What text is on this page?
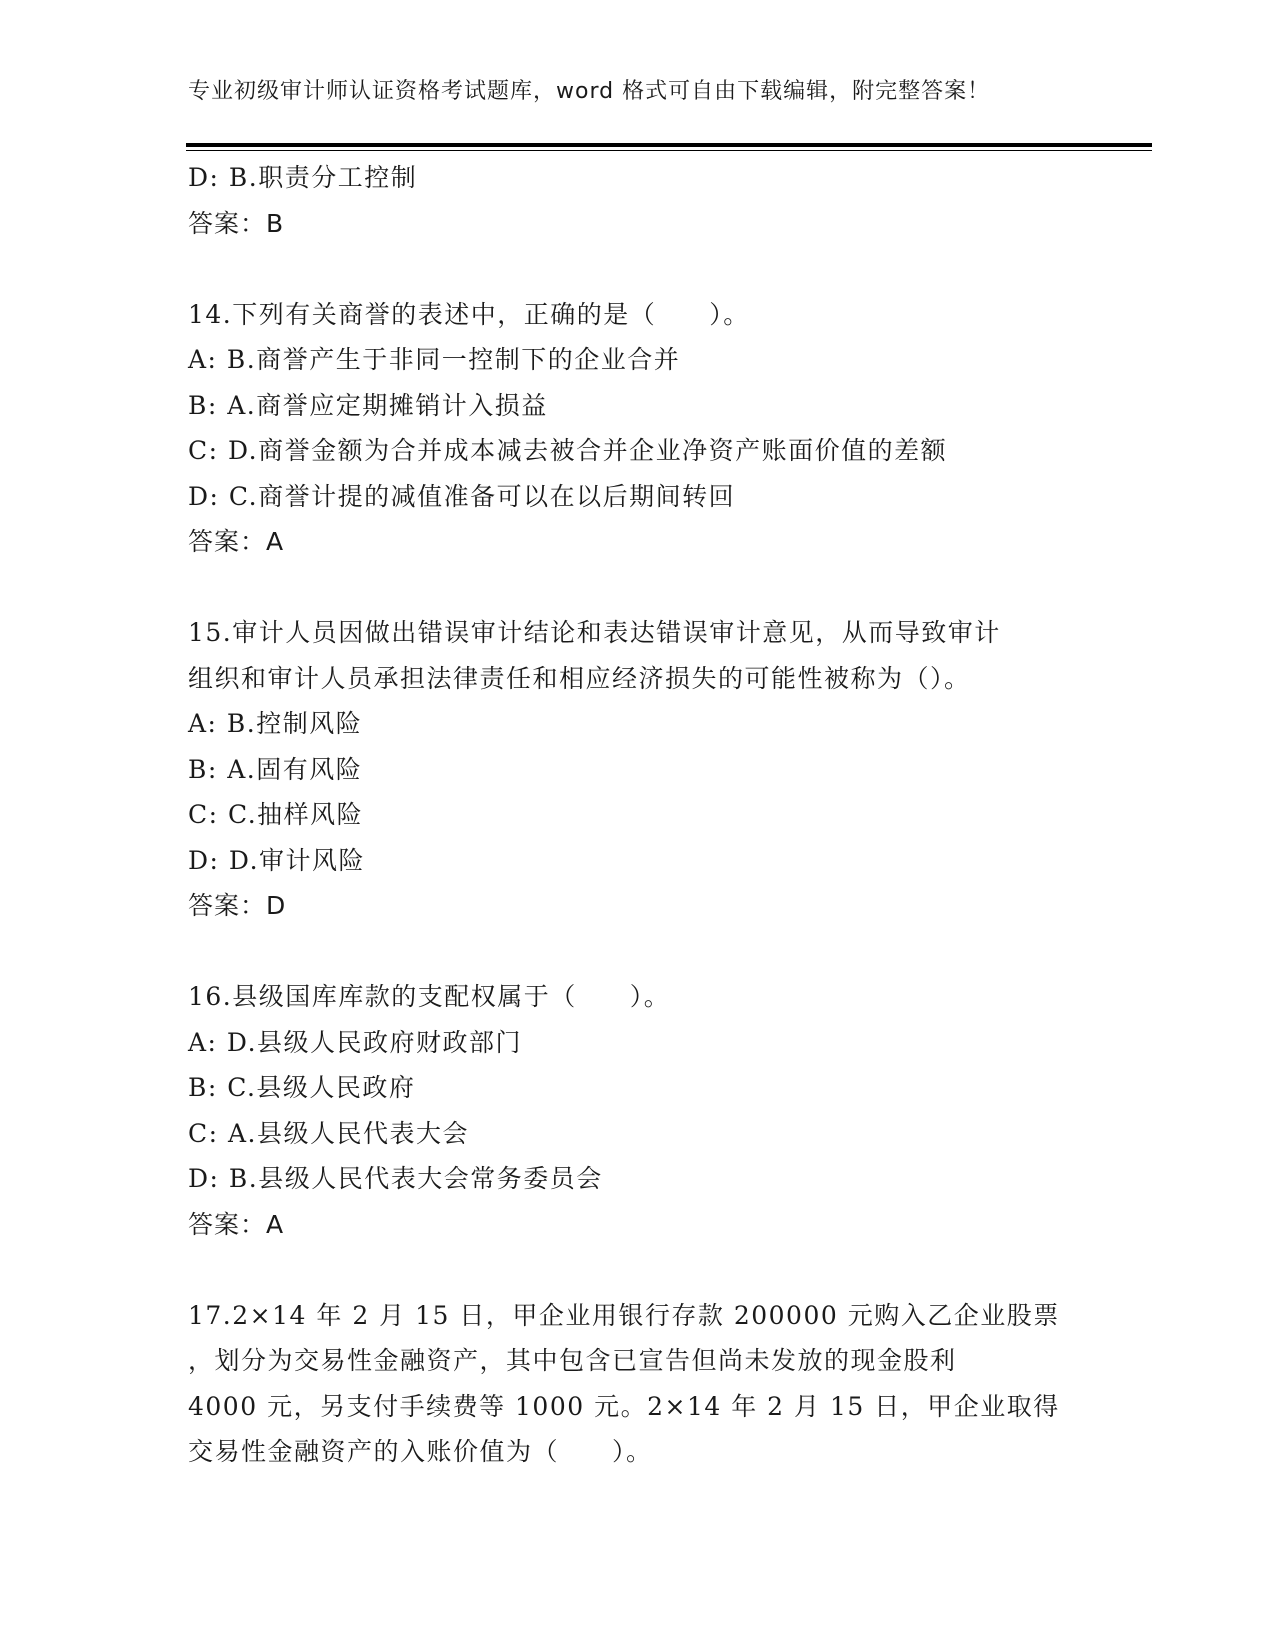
专业初级审计师认证资格考试题库，word 格式可自由下载编辑，附完整答案！
D: B.职责分工控制
答案：B
14.下列有关商誉的表述中，正确的是（　　）。
A: B.商誉产生于非同一控制下的企业合并
B: A.商誉应定期摊销计入损益
C: D.商誉金额为合并成本减去被合并企业净资产账面价值的差额
D: C.商誉计提的减值准备可以在以后期间转回
答案：A
15.审计人员因做出错误审计结论和表达错误审计意见，从而导致审计
组织和审计人员承担法律责任和相应经济损失的可能性被称为（）。
A: B.控制风险
B: A.固有风险
C: C.抽样风险
D: D.审计风险
答案：D
16.县级国库库款的支配权属于（　　）。
A: D.县级人民政府财政部门
B: C.县级人民政府
C: A.县级人民代表大会
D: B.县级人民代表大会常务委员会
答案：A
17.2×14 年 2 月 15 日，甲企业用银行存款 200000 元购入乙企业股票
，划分为交易性金融资产，其中包含已宣告但尚未发放的现金股利
4000 元，另支付手续费等 1000 元。2×14 年 2 月 15 日，甲企业取得
交易性金融资产的入账价值为（　　）。
